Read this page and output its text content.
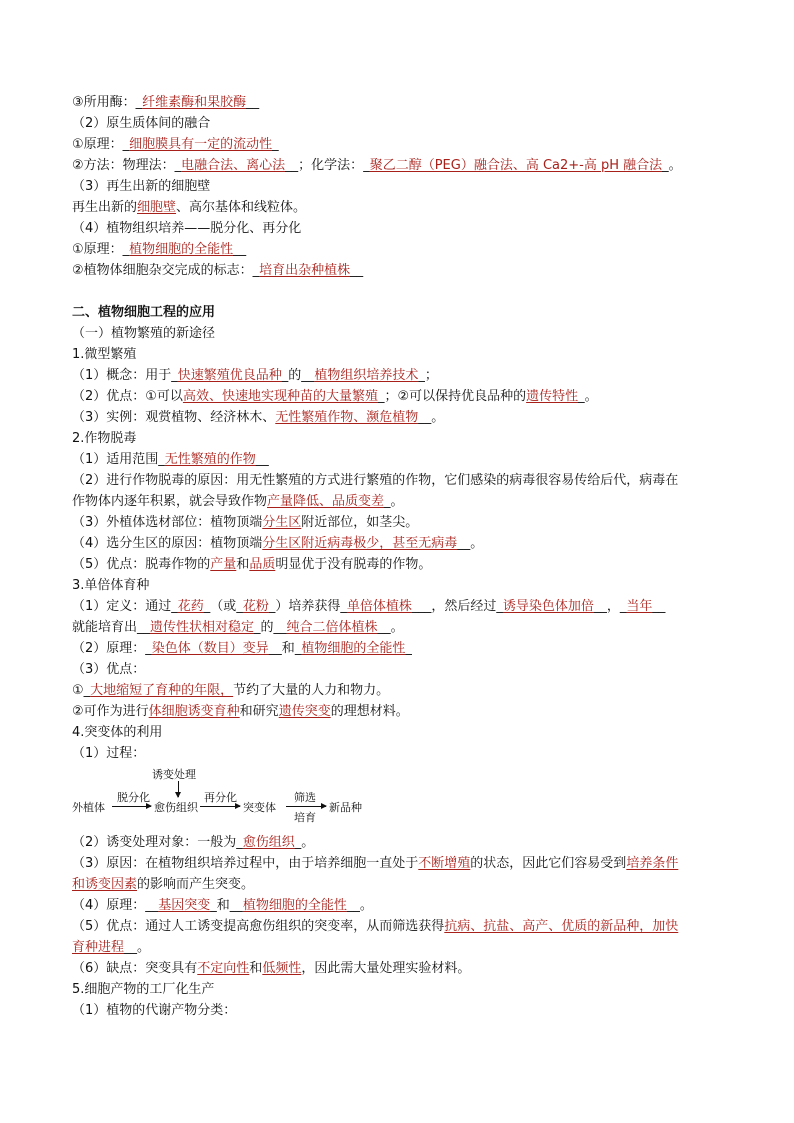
③所用酶：_纤维素酶和果胶酶__
（2）原生质体间的融合
①原理：_细胞膜具有一定的流动性_
②方法：物理法：_电融合法、离心法__；化学法：_聚乙二醇（PEG）融合法、高 Ca2+-高 pH 融合法_。
（3）再生出新的细胞壁
再生出新的细胞壁、高尔基体和线粒体。
（4）植物组织培养——脱分化、再分化
①原理：_植物细胞的全能性__
②植物体细胞杂交完成的标志：_培育出杂种植株__
二、植物细胞工程的应用
（一）植物繁殖的新途径
1.微型繁殖
（1）概念：用于_快速繁殖优良品种_的__植物组织培养技术_；
（2）优点：①可以高效、快速地实现种苗的大量繁殖_；②可以保持优良品种的遗传特性_。
（3）实例：观赏植物、经济林木、无性繁殖作物、濒危植物__。
2.作物脱毒
（1）适用范围_无性繁殖的作物__
（2）进行作物脱毒的原因：用无性繁殖的方式进行繁殖的作物，它们感染的病毒很容易传给后代，病毒在
作物体内逐年积累，就会导致作物产量降低、品质变差_。
（3）外植体选材部位：植物顶端分生区附近部位，如茎尖。
（4）选分生区的原因：植物顶端分生区附近病毒极少，甚至无病毒__。
（5）优点：脱毒作物的产量和品质明显优于没有脱毒的作物。
3.单倍体育种
（1）定义：通过_花药_（或_花粉_）培养获得_单倍体植株___，然后经过_诱导染色体加倍__，_当年__
就能培育出__遗传性状相对稳定_的__纯合二倍体植株__。
（2）原理：_染色体（数目）变异__和_植物细胞的全能性_
（3）优点：
①_大地缩短了育种的年限，节约了大量的人力和物力。
②可作为进行体细胞诱变育种和研究遗传突变的理想材料。
4.突变体的利用
（1）过程：
诱变处理
外植体
脱分化
愈伤组织
再分化
突变体
筛选
培育
新品种
（2）诱变处理对象：一般为_愈伤组织_。
（3）原因：在植物组织培养过程中，由于培养细胞一直处于不断增殖的状态，因此它们容易受到培养条件
和诱变因素的影响而产生突变。
（4）原理：__基因突变_和__植物细胞的全能性__。
（5）优点：通过人工诱变提高愈伤组织的突变率，从而筛选获得抗病、抗盐、高产、优质的新品种，加快
育种进程__。
（6）缺点：突变具有不定向性和低频性，因此需大量处理实验材料。
5.细胞产物的工厂化生产
（1）植物的代谢产物分类：
